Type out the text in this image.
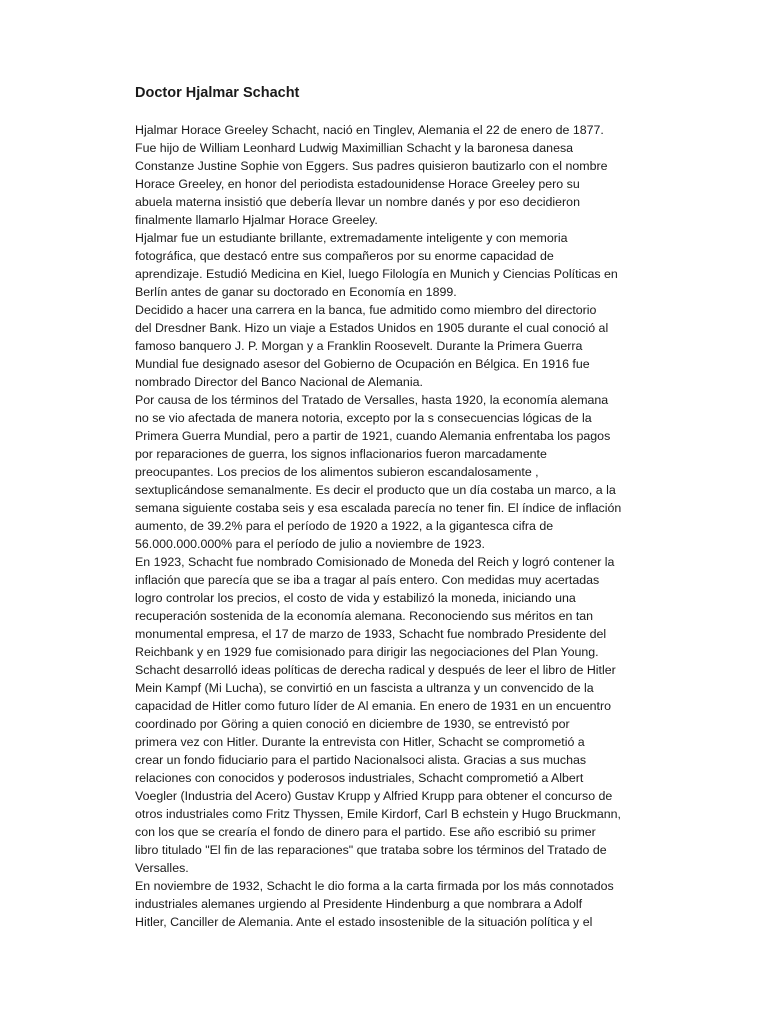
Doctor Hjalmar Schacht
Hjalmar Horace Greeley Schacht, nació en Tinglev, Alemania el 22 de enero de 1877.
Fue hijo de William Leonhard Ludwig Maximillian Schacht y la baronesa danesa
Constanze Justine Sophie von Eggers. Sus padres quisieron bautizarlo con el nombre
Horace Greeley, en honor del periodista estadounidense Horace Greeley pero su
abuela materna insistió que debería llevar un nombre danés y por eso decidieron
finalmente llamarlo Hjalmar Horace Greeley.
Hjalmar fue un estudiante brillante, extremadamente inteligente y con memoria
fotográfica, que destacó entre sus compañeros por su enorme capacidad de
aprendizaje. Estudió Medicina en Kiel, luego Filología en Munich y Ciencias Políticas en
Berlín antes de ganar su doctorado en Economía en 1899.
Decidido a hacer una carrera en la banca, fue admitido como miembro del directorio
del Dresdner Bank. Hizo un viaje a Estados Unidos en 1905 durante el cual conoció al
famoso banquero J. P. Morgan y a Franklin Roosevelt. Durante la Primera Guerra
Mundial fue designado asesor del Gobierno de Ocupación en Bélgica. En 1916 fue
nombrado Director del Banco Nacional de Alemania.
Por causa de los términos del Tratado de Versalles, hasta 1920, la economía alemana
no se vio afectada de manera notoria, excepto por la s consecuencias lógicas de la
Primera Guerra Mundial, pero a partir de 1921, cuando Alemania enfrentaba los pagos
por reparaciones de guerra, los signos inflacionarios fueron marcadamente
preocupantes. Los precios de los alimentos subieron escandalosamente ,
sextuplicándose semanalmente. Es decir el producto que un día costaba un marco, a la
semana siguiente costaba seis y esa escalada parecía no tener fin. El índice de inflación
aumento, de 39.2% para el período de 1920 a 1922, a la gigantesca cifra de
56.000.000.000% para el período de julio a noviembre de 1923.
En 1923, Schacht fue nombrado Comisionado de Moneda del Reich y logró contener la
inflación que parecía que se iba a tragar al país entero. Con medidas muy acertadas
logro controlar los precios, el costo de vida y estabilizó la moneda, iniciando una
recuperación sostenida de la economía alemana. Reconociendo sus méritos en tan
monumental empresa, el 17 de marzo de 1933, Schacht fue nombrado Presidente del
Reichbank y en 1929 fue comisionado para dirigir las negociaciones del Plan Young.
Schacht desarrolló ideas políticas de derecha radical y después de leer el libro de Hitler
Mein Kampf (Mi Lucha), se convirtió en un fascista a ultranza y un convencido de la
capacidad de Hitler como futuro líder de Al emania. En enero de 1931 en un encuentro
coordinado por Göring a quien conoció en diciembre de 1930, se entrevistó por
primera vez con Hitler. Durante la entrevista con Hitler, Schacht se comprometió a
crear un fondo fiduciario para el partido Nacionalsoci alista. Gracias a sus muchas
relaciones con conocidos y poderosos industriales, Schacht comprometió a Albert
Voegler (Industria del Acero) Gustav Krupp y Alfried Krupp para obtener el concurso de
otros industriales como Fritz Thyssen, Emile Kirdorf, Carl B echstein y Hugo Bruckmann,
con los que se crearía el fondo de dinero para el partido. Ese año escribió su primer
libro titulado "El fin de las reparaciones" que trataba sobre los términos del Tratado de
Versalles.
En noviembre de 1932, Schacht le dio forma a la carta firmada por los más connotados
industriales alemanes urgiendo al Presidente Hindenburg a que nombrara a Adolf
Hitler, Canciller de Alemania. Ante el estado insostenible de la situación política y el
